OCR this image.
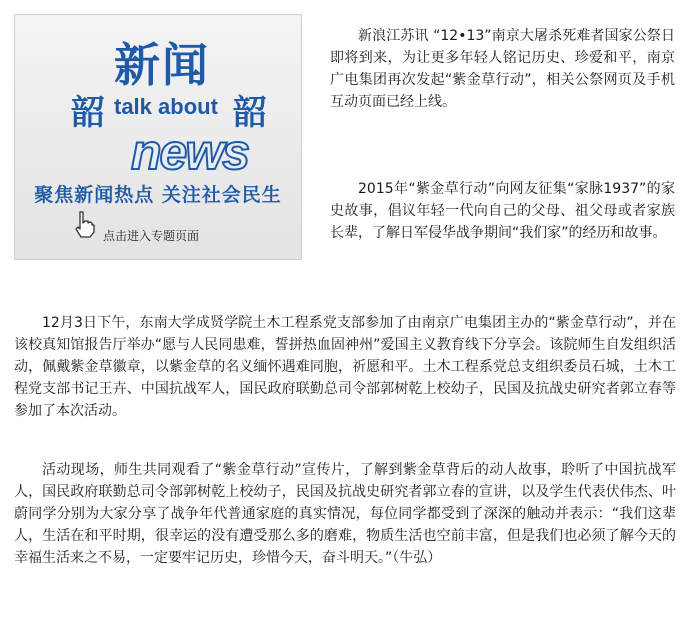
新闻
韶 talk about 韶
news
聚焦新闻热点 关注社会民生
点击进入专题页面

新浪江苏讯 “12•13”南京大屠杀死难者国家公祭日即将到来，为让更多年轻人铭记历史、珍爱和平，南京广电集团再次发起“紫金草行动”，相关公祭网页及手机互动页面已经上线。

2015年“紫金草行动”向网友征集“家脉1937”的家史故事，倡议年轻一代向自己的父母、祖父母或者家族长辈，了解日军侵华战争期间“我们家”的经历和故事。

12月3日下午，东南大学成贤学院土木工程系党支部参加了由南京广电集团主办的“紫金草行动”，并在该校真知馆报告厅举办“愿与人民同患难，誓拼热血固神州”爱国主义教育线下分享会。该院师生自发组织活动，佩戴紫金草徽章，以紫金草的名义缅怀遇难同胞，祈愿和平。土木工程系党总支组织委员石城，土木工程党支部书记王卉、中国抗战军人，国民政府联勤总司令部郭树乾上校幼子，民国及抗战史研究者郭立春等参加了本次活动。

活动现场，师生共同观看了“紫金草行动”宣传片，了解到紫金草背后的动人故事，聆听了中国抗战军人，国民政府联勤总司令部郭树乾上校幼子，民国及抗战史研究者郭立春的宣讲，以及学生代表伏伟杰、叶蔚同学分别为大家分享了战争年代普通家庭的真实情况，每位同学都受到了深深的触动并表示：“我们这辈人，生活在和平时期，很幸运的没有遭受那么多的磨难，物质生活也空前丰富，但是我们也必须了解今天的幸福生活来之不易，一定要牢记历史，珍惜今天，奋斗明天。”（牛弘）
